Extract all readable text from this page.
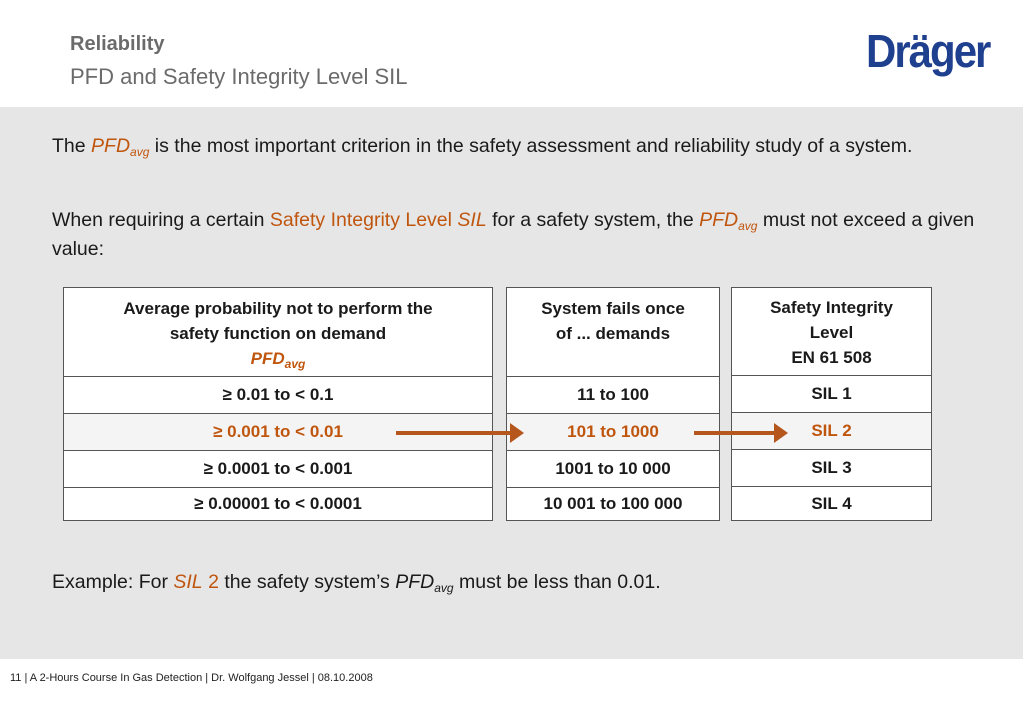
Reliability
PFD and Safety Integrity Level SIL	Dräger
The $PFD_{avg}$ is the most important criterion in the safety assessment and reliability study of a system.
When requiring a certain Safety Integrity Level SIL for a safety system, the $PFD_{avg}$ must not exceed a given value:
Average probability not to perform the
safety function on demand
$PFD_{avg}$
≥ 0.01 to < 0.1
≥ 0.001 to < 0.01
≥ 0.0001 to < 0.001
≥ 0.00001 to < 0.0001
System fails once
of ... demands
11 to 100
101 to 1000
1001 to 10 000
10 001 to 100 000
Safety Integrity
Level
EN 61 508
SIL 1
SIL 2
SIL 3
SIL 4
Example: For SIL 2 the safety system’s $PFD_{avg}$ must be less than 0.01.
11 | A 2-Hours Course In Gas Detection | Dr. Wolfgang Jessel | 08.10.2008
